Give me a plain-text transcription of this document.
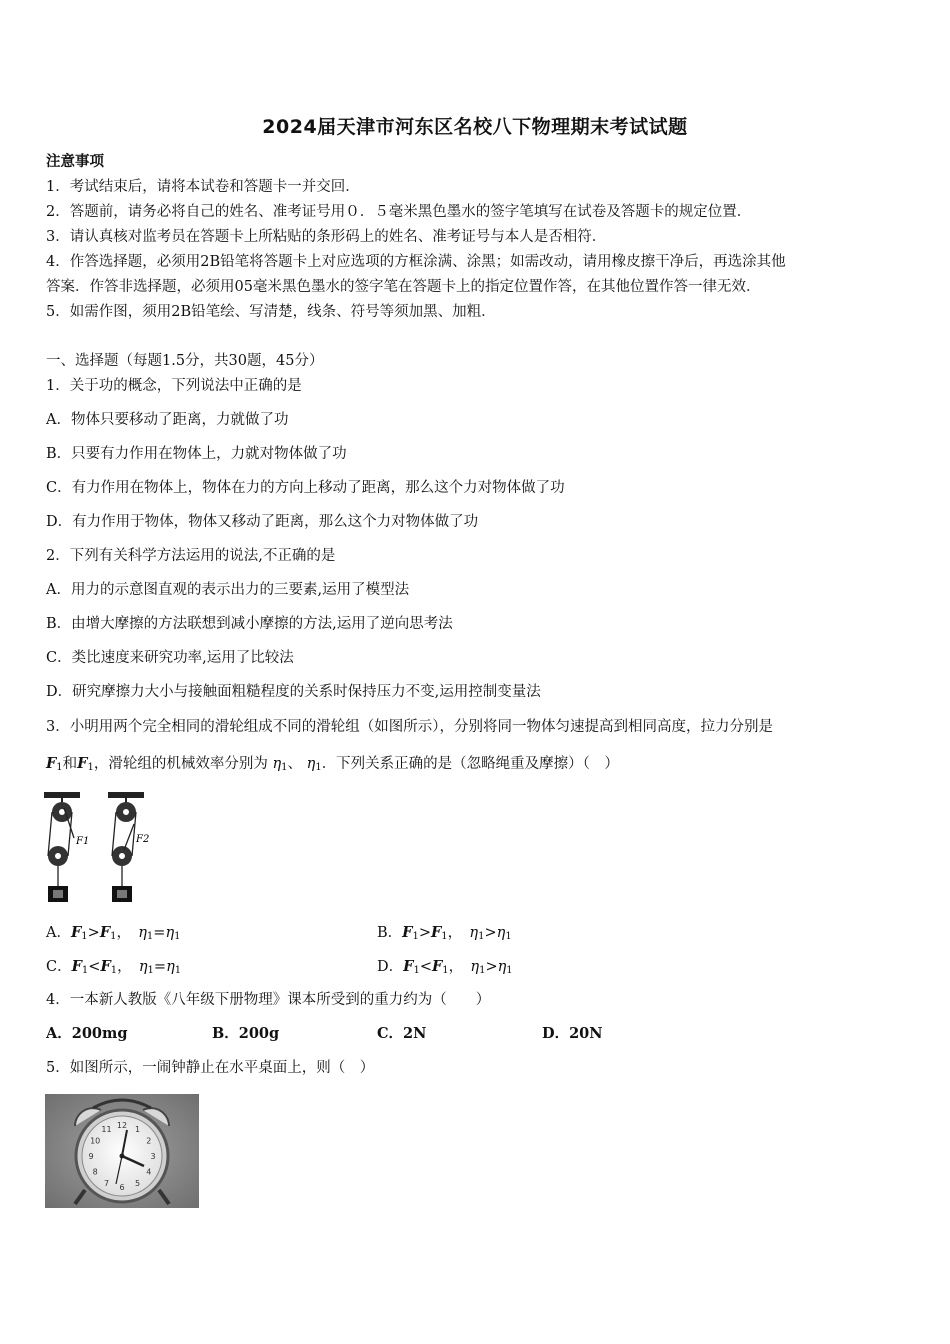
2024届天津市河东区名校八下物理期末考试试题
注意事项
1．考试结束后，请将本试卷和答题卡一并交回．
2．答题前，请务必将自己的姓名、准考证号用０．５毫米黑色墨水的签字笔填写在试卷及答题卡的规定位置．
3．请认真核对监考员在答题卡上所粘贴的条形码上的姓名、准考证号与本人是否相符．
4．作答选择题，必须用2B铅笔将答题卡上对应选项的方框涂满、涂黑；如需改动，请用橡皮擦干净后，再选涂其他
答案．作答非选择题，必须用05毫米黑色墨水的签字笔在答题卡上的指定位置作答，在其他位置作答一律无效．
5．如需作图，须用2B铅笔绘、写清楚，线条、符号等须加黑、加粗．
一、选择题（每题1.5分，共30题，45分）
1．关于功的概念，下列说法中正确的是
A．物体只要移动了距离，力就做了功
B．只要有力作用在物体上，力就对物体做了功
C．有力作用在物体上，物体在力的方向上移动了距离，那么这个力对物体做了功
D．有力作用于物体，物体又移动了距离，那么这个力对物体做了功
2．下列有关科学方法运用的说法,不正确的是
A．用力的示意图直观的表示出力的三要素,运用了模型法
B．由增大摩擦的方法联想到减小摩擦的方法,运用了逆向思考法
C．类比速度来研究功率,运用了比较法
D．研究摩擦力大小与接触面粗糙程度的关系时保持压力不变,运用控制变量法
3．小明用两个完全相同的滑轮组成不同的滑轮组（如图所示），分别将同一物体匀速提高到相同高度，拉力分别是
$F_1$和$F_1$，滑轮组的机械效率分别为 $\eta_1$、 $\eta_1$．下列关系正确的是（忽略绳重及摩擦）（　）
F1	F2
A．$F_1>F_1$，　$\eta_1=\eta_1$	B．$F_1>F_1$，　$\eta_1>\eta_1$
C．$F_1<F_1$，　$\eta_1=\eta_1$	D．$F_1<F_1$，　$\eta_1>\eta_1$
4．一本新人教版《八年级下册物理》课本所受到的重力约为（　　）
A．200mg	B．200g	C．2N	D．20N
5．如图所示，一闹钟静止在水平桌面上，则（　）
12 1
2
3
4
5
6
7
8
9
10
11
